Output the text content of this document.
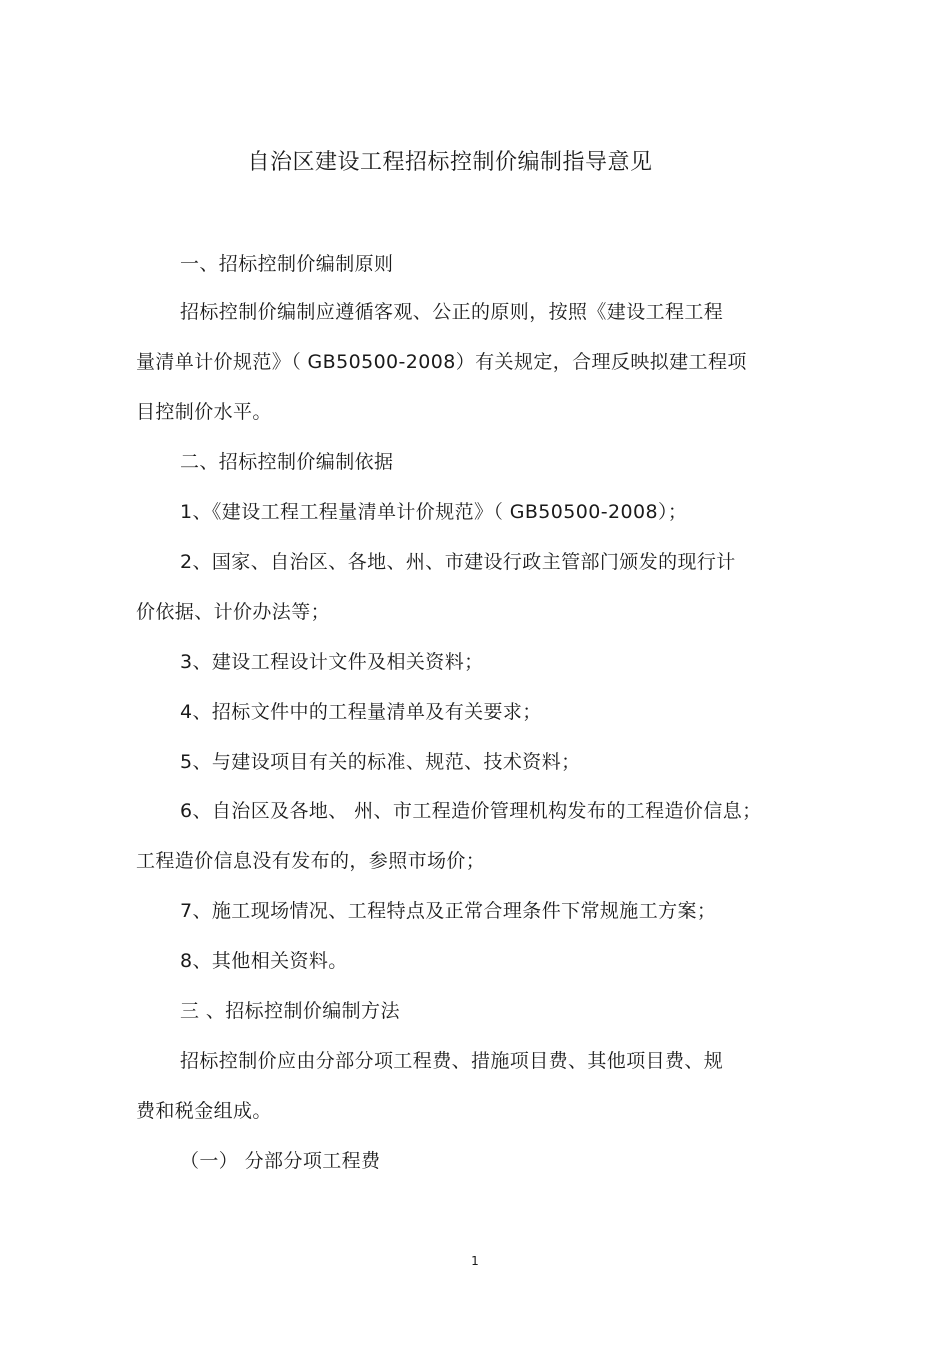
自治区建设工程招标控制价编制指导意见
一、招标控制价编制原则
招标控制价编制应遵循客观、公正的原则，按照《建设工程工程
量清单计价规范》（ GB50500-2008）有关规定，合理反映拟建工程项
目控制价水平。
二、招标控制价编制依据
1、《建设工程工程量清单计价规范》（ GB50500-2008）；
2、国家、自治区、各地、州、市建设行政主管部门颁发的现行计
价依据、计价办法等；
3、建设工程设计文件及相关资料；
4、招标文件中的工程量清单及有关要求；
5、与建设项目有关的标准、规范、技术资料；
6、自治区及各地、 州、市工程造价管理机构发布的工程造价信息；
工程造价信息没有发布的，参照市场价；
7、施工现场情况、工程特点及正常合理条件下常规施工方案；
8、其他相关资料。
三 、招标控制价编制方法
招标控制价应由分部分项工程费、措施项目费、其他项目费、规
费和税金组成。
（一） 分部分项工程费
1
